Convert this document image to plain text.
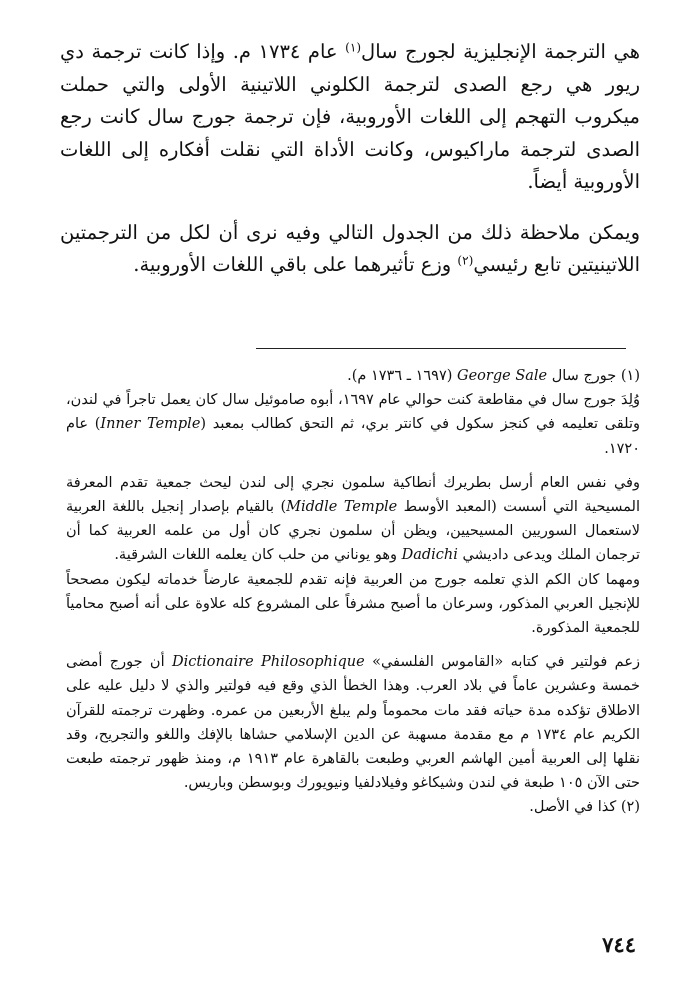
هي الترجمة الإنجليزية لجورج سال$^{(١)}$ عام ١٧٣٤ م. وإذا كانت ترجمة دي ريور هي رجع الصدى لترجمة الكلوني اللاتينية الأولى والتي حملت ميكروب التهجم إلى اللغات الأوروبية، فإن ترجمة جورج سال كانت رجع الصدى لترجمة ماراكيوس، وكانت الأداة التي نقلت أفكاره إلى اللغات الأوروبية أيضاً.

ويمكن ملاحظة ذلك من الجدول التالي وفيه نرى أن لكل من الترجمتين اللاتينيتين تابع رئيسي$^{(٢)}$ وزع تأثيرهما على باقي اللغات الأوروبية.

(١) جورج سال George Sale (١٦٩٧ ـ ١٧٣٦ م).

وُلِدَ جورج سال في مقاطعة كنت حوالي عام ١٦٩٧، أبوه صاموئيل سال كان يعمل تاجراً في لندن، وتلقى تعليمه في كنجز سكول في كانتر بري، ثم التحق كطالب بمعبد (Inner Temple) عام ١٧٢٠.

وفي نفس العام أرسل بطريرك أنطاكية سلمون نجري إلى لندن ليحث جمعية تقدم المعرفة المسيحية التي أسست (المعبد الأوسط Middle Temple) بالقيام بإصدار إنجيل باللغة العربية لاستعمال السوريين المسيحيين، ويظن أن سلمون نجري كان أول من علمه العربية كما أن ترجمان الملك ويدعى داديشي Dadichi وهو يوناني من حلب كان يعلمه اللغات الشرقية.

ومهما كان الكم الذي تعلمه جورج من العربية فإنه تقدم للجمعية عارضاً خدماته ليكون مصححاً للإنجيل العربي المذكور، وسرعان ما أصبح مشرفاً على المشروع كله علاوة على أنه أصبح محامياً للجمعية المذكورة.

زعم فولتير في كتابه «القاموس الفلسفي» Dictionaire Philosophique أن جورج أمضى خمسة وعشرين عاماً في بلاد العرب. وهذا الخطأ الذي وقع فيه فولتير والذي لا دليل عليه على الاطلاق تؤكده مدة حياته فقد مات محموماً ولم يبلغ الأربعين من عمره. وظهرت ترجمته للقرآن الكريم عام ١٧٣٤ م مع مقدمة مسهبة عن الدين الإسلامي حشاها بالإفك واللغو والتجريح، وقد نقلها إلى العربية أمين الهاشم العربي وطبعت بالقاهرة عام ١٩١٣ م، ومنذ ظهور ترجمته طبعت حتى الآن ١٠٥ طبعة في لندن وشيكاغو وفيلادلفيا ونيويورك وبوسطن وباريس.

(٢) كذا في الأصل.

٧٤٤
